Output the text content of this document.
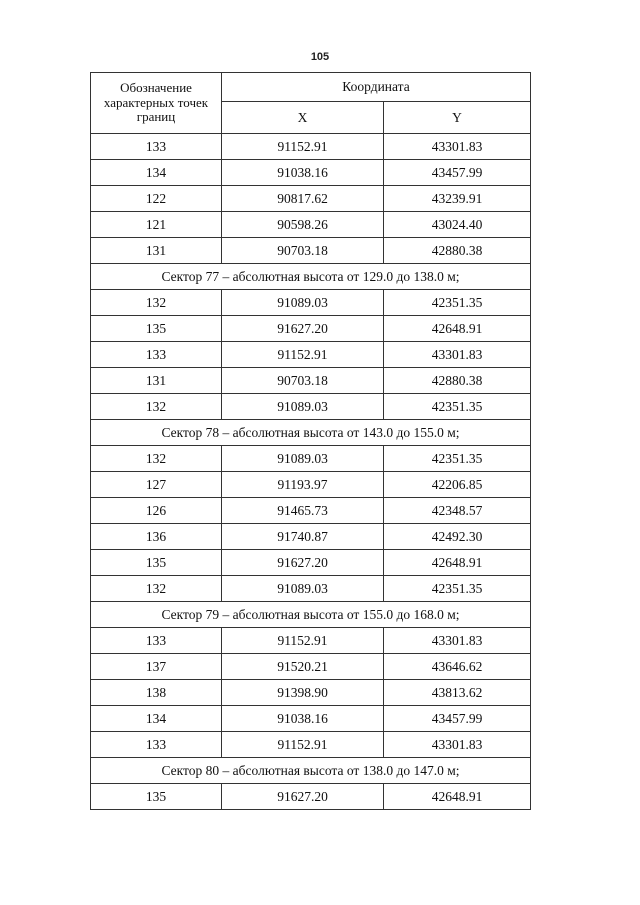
105
Обозначение характерных точек границ	Координата	
	X	Y
133	91152.91	43301.83
134	91038.16	43457.99
122	90817.62	43239.91
121	90598.26	43024.40
131	90703.18	42880.38
Сектор 77 – абсолютная высота от 129.0 до 138.0 м;		
132	91089.03	42351.35
135	91627.20	42648.91
133	91152.91	43301.83
131	90703.18	42880.38
132	91089.03	42351.35
Сектор 78 – абсолютная высота от 143.0 до 155.0 м;		
132	91089.03	42351.35
127	91193.97	42206.85
126	91465.73	42348.57
136	91740.87	42492.30
135	91627.20	42648.91
132	91089.03	42351.35
Сектор 79 – абсолютная высота от 155.0 до 168.0 м;		
133	91152.91	43301.83
137	91520.21	43646.62
138	91398.90	43813.62
134	91038.16	43457.99
133	91152.91	43301.83
Сектор 80 – абсолютная высота от 138.0 до 147.0 м;		
135	91627.20	42648.91
